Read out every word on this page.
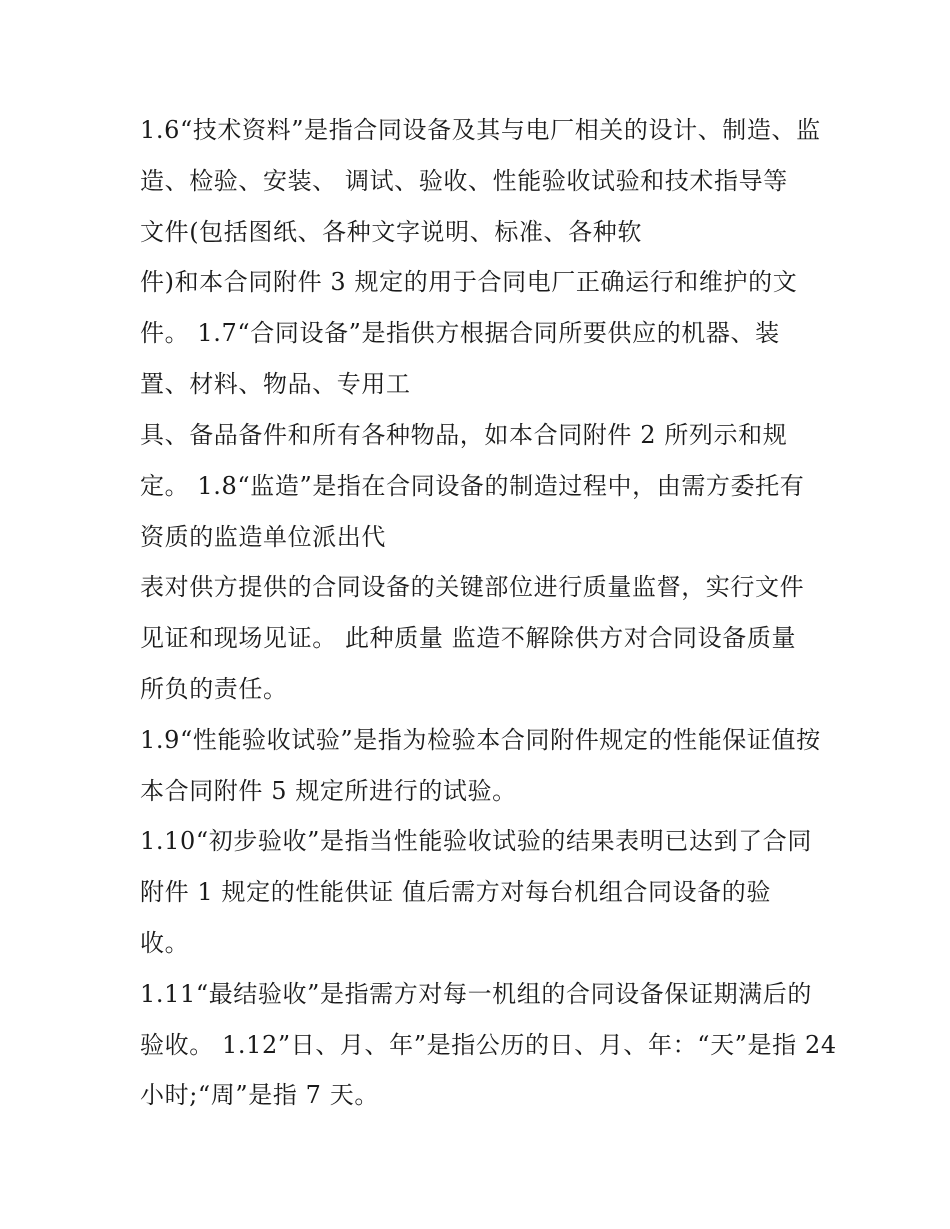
1.6“技术资料”是指合同设备及其与电厂相关的设计、制造、监
造、检验、安装、 调试、验收、性能验收试验和技术指导等
文件(包括图纸、各种文字说明、标准、各种软
件)和本合同附件 3 规定的用于合同电厂正确运行和维护的文
件。 1.7“合同设备”是指供方根据合同所要供应的机器、装
置、材料、物品、专用工
具、备品备件和所有各种物品，如本合同附件 2 所列示和规
定。 1.8“监造”是指在合同设备的制造过程中，由需方委托有
资质的监造单位派出代
表对供方提供的合同设备的关键部位进行质量监督，实行文件
见证和现场见证。 此种质量 监造不解除供方对合同设备质量
所负的责任。
1.9“性能验收试验”是指为检验本合同附件规定的性能保证值按
本合同附件 5 规定所进行的试验。
1.10“初步验收”是指当性能验收试验的结果表明已达到了合同
附件 1 规定的性能供证 值后需方对每台机组合同设备的验
收。
1.11“最结验收”是指需方对每一机组的合同设备保证期满后的
验收。 1.12”日、月、年”是指公历的日、月、年：“天”是指 24
小时;“周”是指 7 天。
